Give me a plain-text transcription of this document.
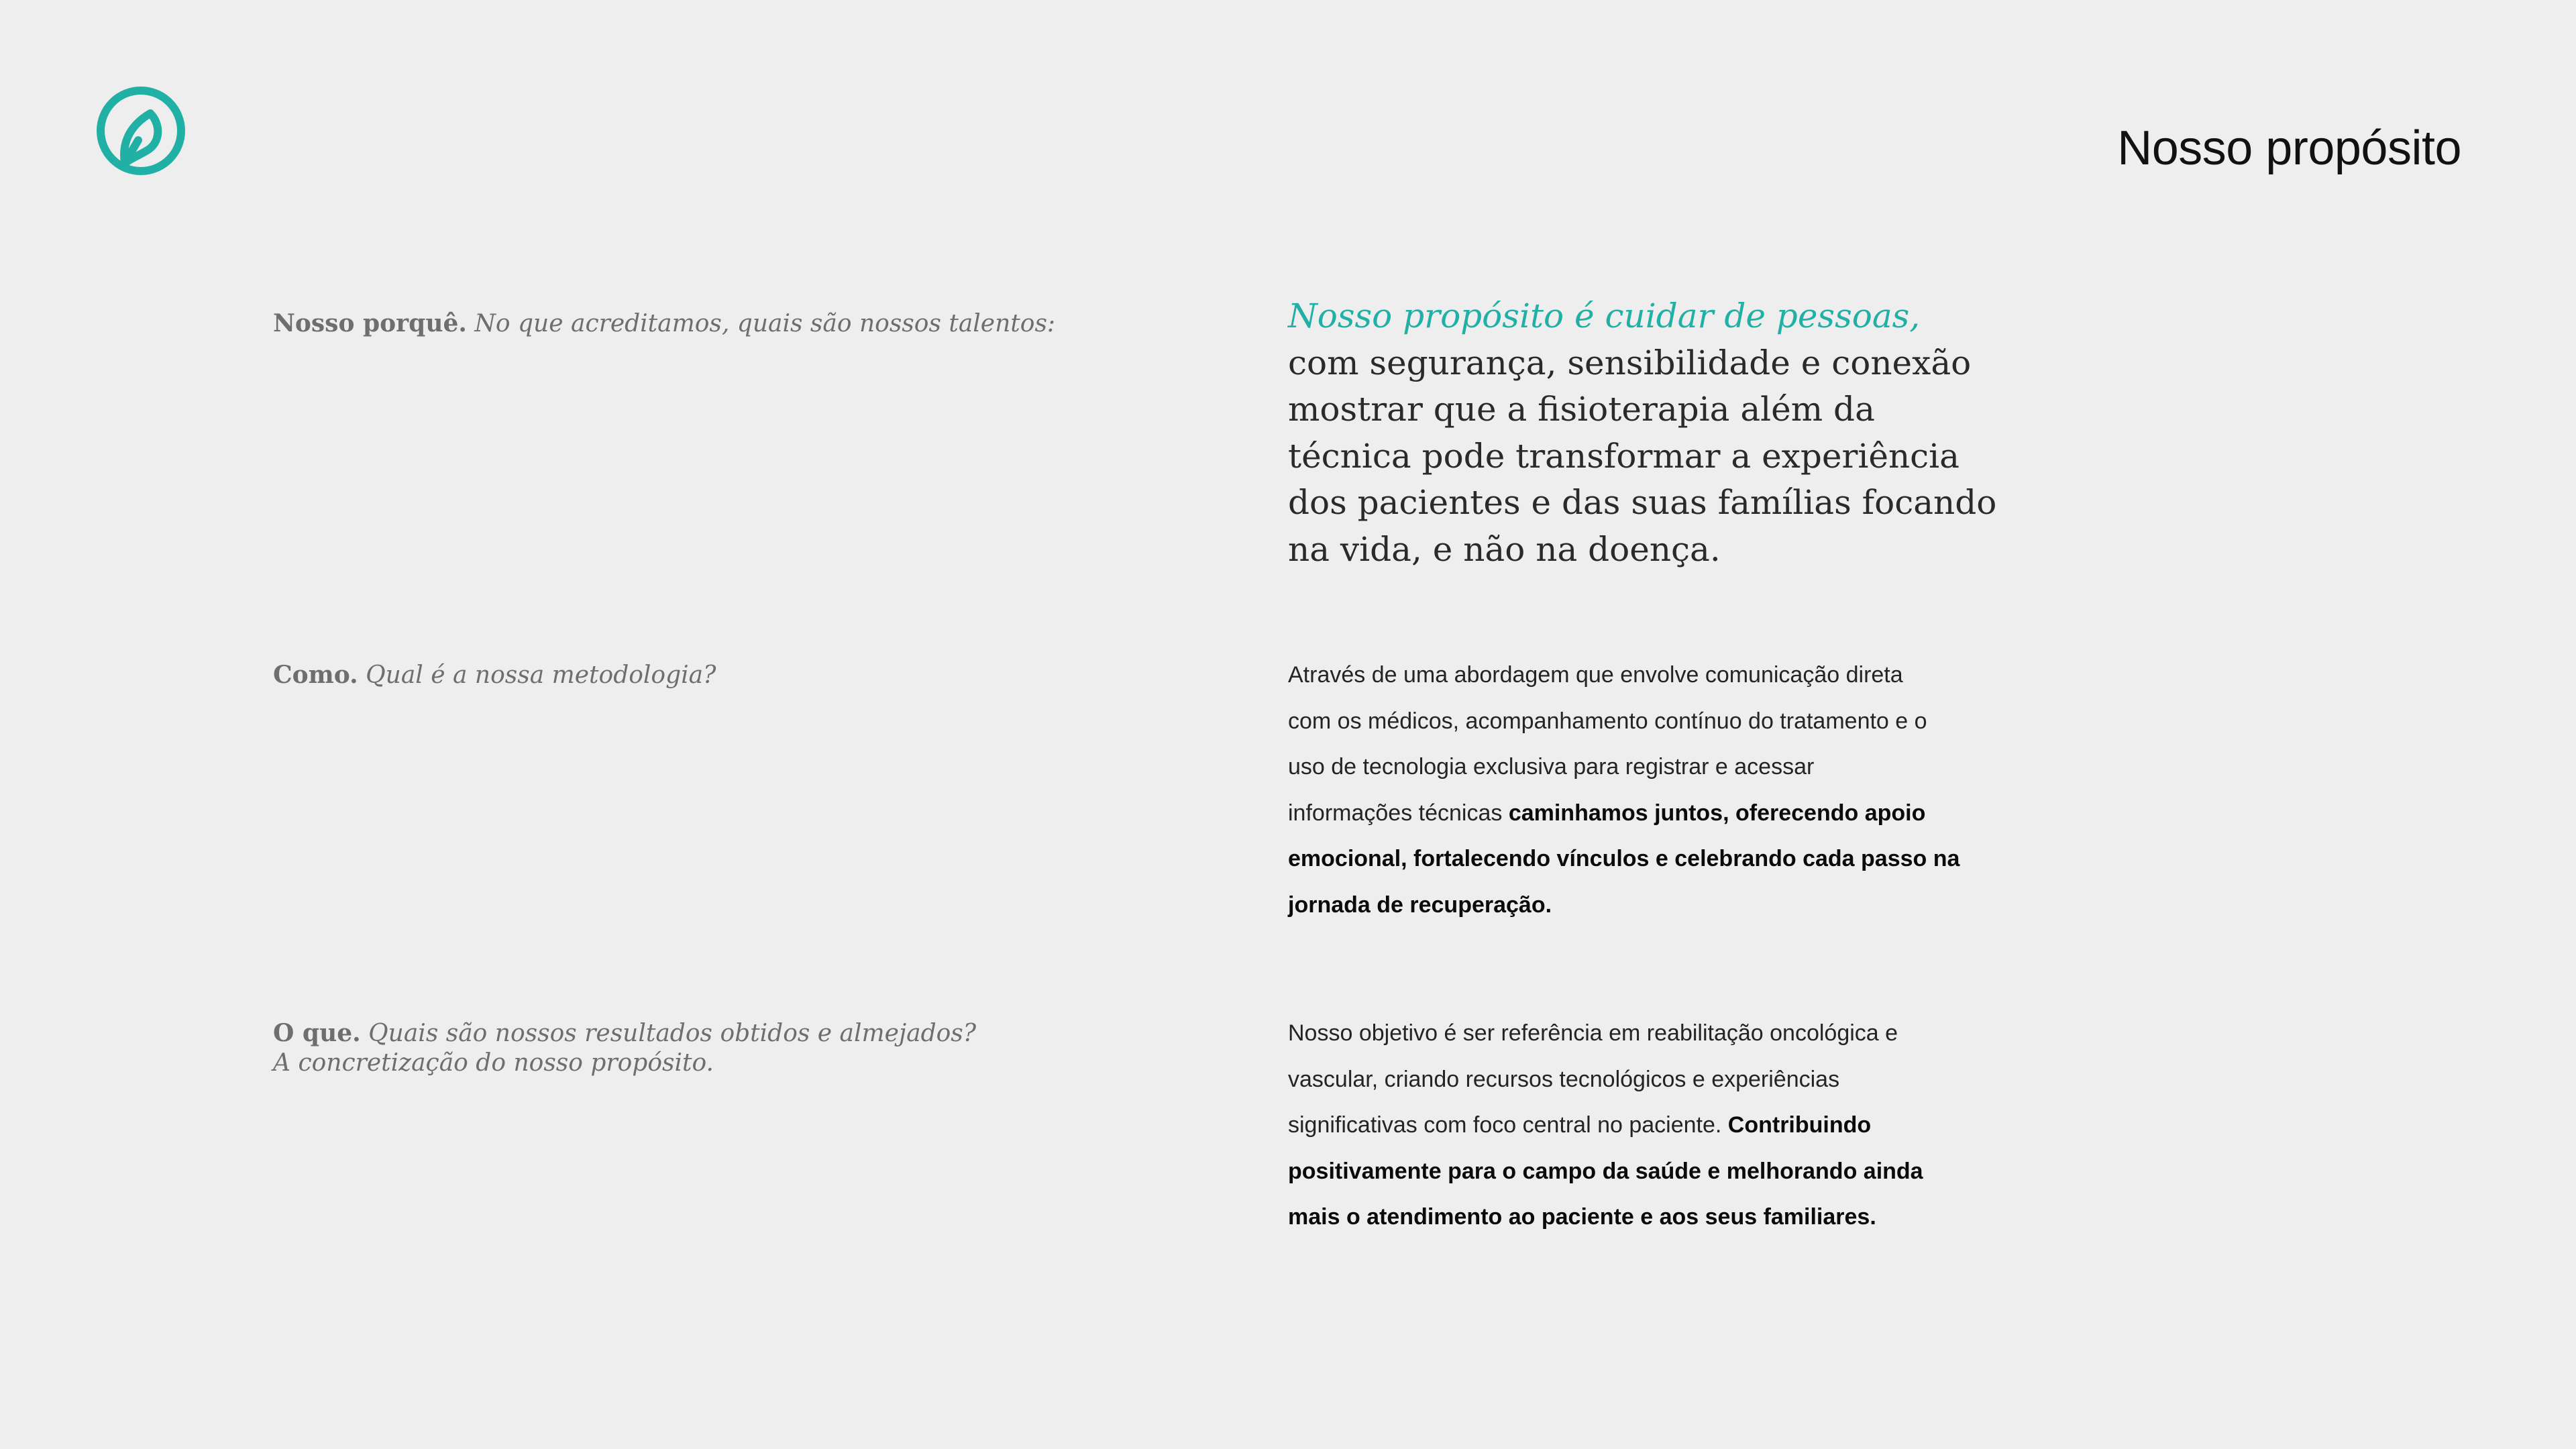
Nosso propósito
Nosso porquê. No que acreditamos, quais são nossos talentos:	Nosso propósito é cuidar de pessoas,
com segurança, sensibilidade e conexão
mostrar que a fisioterapia além da
técnica pode transformar a experiência
dos pacientes e das suas famílias focando
na vida, e não na doença.

Como. Qual é a nossa metodologia?	Através de uma abordagem que envolve comunicação direta
com os médicos, acompanhamento contínuo do tratamento e o
uso de tecnologia exclusiva para registrar e acessar
informações técnicas caminhamos juntos, oferecendo apoio
emocional, fortalecendo vínculos e celebrando cada passo na
jornada de recuperação.

O que. Quais são nossos resultados obtidos e almejados?
A concretização do nosso propósito.

Nosso objetivo é ser referência em reabilitação oncológica e
vascular, criando recursos tecnológicos e experiências
significativas com foco central no paciente. Contribuindo
positivamente para o campo da saúde e melhorando ainda
mais o atendimento ao paciente e aos seus familiares.
